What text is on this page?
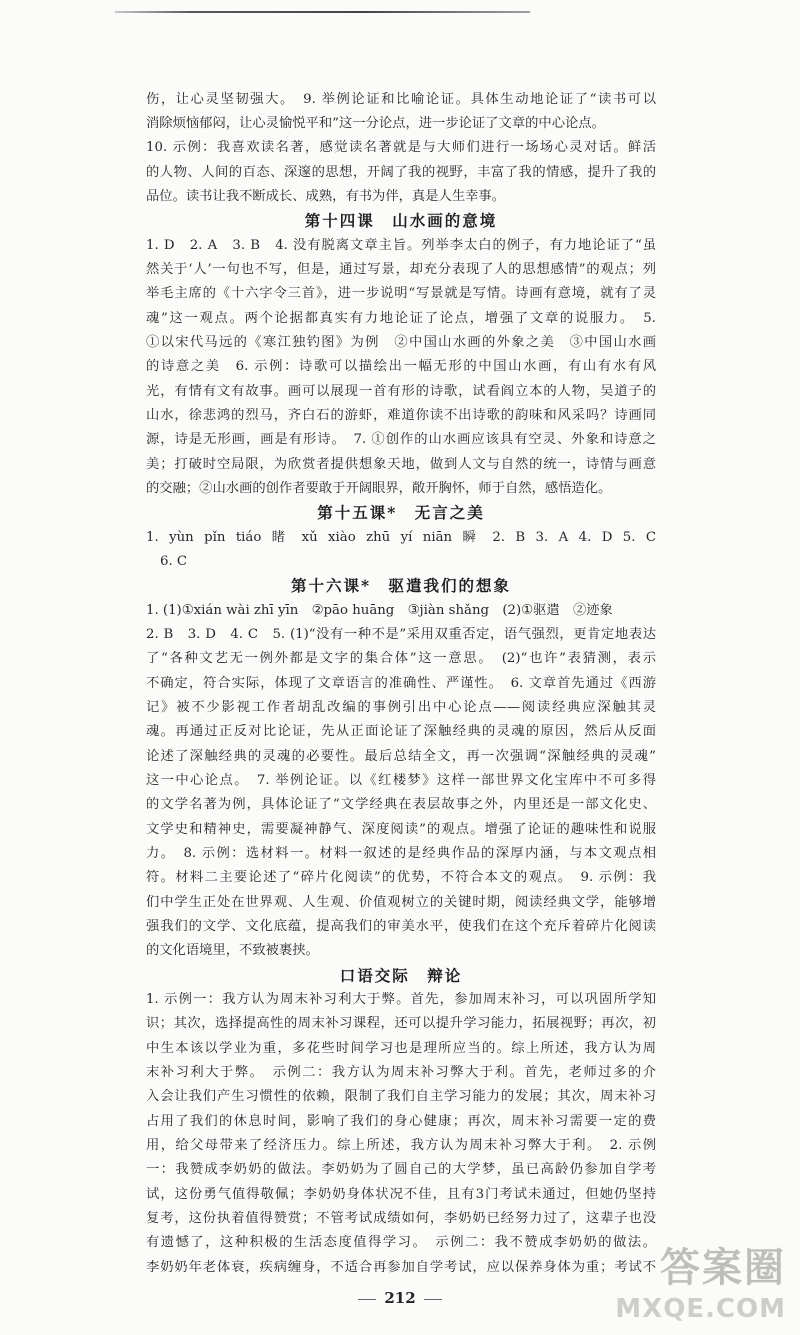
伤，让心灵坚韧强大。　9. 举例论证和比喻论证。具体生动地论证了“读书可以
消除烦恼郁闷，让心灵愉悦平和”这一分论点，进一步论证了文章的中心论点。
10. 示例：我喜欢读名著，感觉读名著就是与大师们进行一场场心灵对话。鲜活
的人物、人间的百态、深邃的思想，开阔了我的视野，丰富了我的情感，提升了我的
品位。读书让我不断成长、成熟，有书为伴，真是人生幸事。
第十四课　山水画的意境
1. D　2. A　3. B　4. 没有脱离文章主旨。列举李太白的例子，有力地论证了“虽
然关于‘人’一句也不写，但是，通过写景，却充分表现了人的思想感情”的观点；列
举毛主席的《十六字令三首》，进一步说明“写景就是写情。诗画有意境，就有了灵
魂”这一观点。两个论据都真实有力地论证了论点，增强了文章的说服力。　5.
①以宋代马远的《寒江独钓图》为例　②中国山水画的外象之美　③中国山水画
的诗意之美　6. 示例：诗歌可以描绘出一幅无形的中国山水画，有山有水有风
光，有情有文有故事。画可以展现一首有形的诗歌，试看阎立本的人物，吴道子的
山水，徐悲鸿的烈马，齐白石的游虾，难道你读不出诗歌的韵味和风采吗？诗画同
源，诗是无形画，画是有形诗。　7. ①创作的山水画应该具有空灵、外象和诗意之
美；打破时空局限，为欣赏者提供想象天地，做到人文与自然的统一，诗情与画意
的交融；②山水画的创作者要敢于开阔眼界，敞开胸怀，师于自然，感悟造化。
第十五课*　无言之美
1. yùn pǐn tiáo 睹 xǔ xiào zhū yí niān 瞬 2. B 3. A 4. D 5. C
6. C
第十六课*　驱遣我们的想象
1. (1)①xián wài zhī yīn　②pāo huāng　③jiàn shǎng　(2)①驱遣　②迹象
2. B　3. D　4. C　5. (1)“没有一种不是”采用双重否定，语气强烈，更肯定地表达
了“各种文艺无一例外都是文字的集合体”这一意思。　(2)“也许”表猜测，表示
不确定，符合实际，体现了文章语言的准确性、严谨性。　6. 文章首先通过《西游
记》被不少影视工作者胡乱改编的事例引出中心论点——阅读经典应深触其灵
魂。再通过正反对比论证，先从正面论证了深触经典的灵魂的原因，然后从反面
论述了深触经典的灵魂的必要性。最后总结全文，再一次强调“深触经典的灵魂”
这一中心论点。　7. 举例论证。以《红楼梦》这样一部世界文化宝库中不可多得
的文学名著为例，具体论证了“文学经典在表层故事之外，内里还是一部文化史、
文学史和精神史，需要凝神静气、深度阅读”的观点。增强了论证的趣味性和说服
力。　8. 示例：选材料一。材料一叙述的是经典作品的深厚内涵，与本文观点相
符。材料二主要论述了“碎片化阅读”的优势，不符合本文的观点。　9. 示例：我
们中学生正处在世界观、人生观、价值观树立的关键时期，阅读经典文学，能够增
强我们的文学、文化底蕴，提高我们的审美水平，使我们在这个充斥着碎片化阅读
的文化语境里，不致被裹挟。
口语交际　辩论
1. 示例一：我方认为周末补习利大于弊。首先，参加周末补习，可以巩固所学知
识；其次，选择提高性的周末补习课程，还可以提升学习能力，拓展视野；再次，初
中生本该以学业为重，多花些时间学习也是理所应当的。综上所述，我方认为周
末补习利大于弊。　示例二：我方认为周末补习弊大于利。首先，老师过多的介
入会让我们产生习惯性的依赖，限制了我们自主学习能力的发展；其次，周末补习
占用了我们的休息时间，影响了我们的身心健康；再次，周末补习需要一定的费
用，给父母带来了经济压力。综上所述，我方认为周末补习弊大于利。　2. 示例
一：我赞成李奶奶的做法。李奶奶为了圆自己的大学梦，虽已高龄仍参加自学考
试，这份勇气值得敬佩；李奶奶身体状况不佳，且有3门考试未通过，但她仍坚持
复考，这份执着值得赞赏；不管考试成绩如何，李奶奶已经努力过了，这辈子也没
有遗憾了，这种积极的生活态度值得学习。　示例二：我不赞成李奶奶的做法。
李奶奶年老体衰，疾病缠身，不适合再参加自学考试，应以保养身体为重；考试不
212
答案圈
MXQE.COM
